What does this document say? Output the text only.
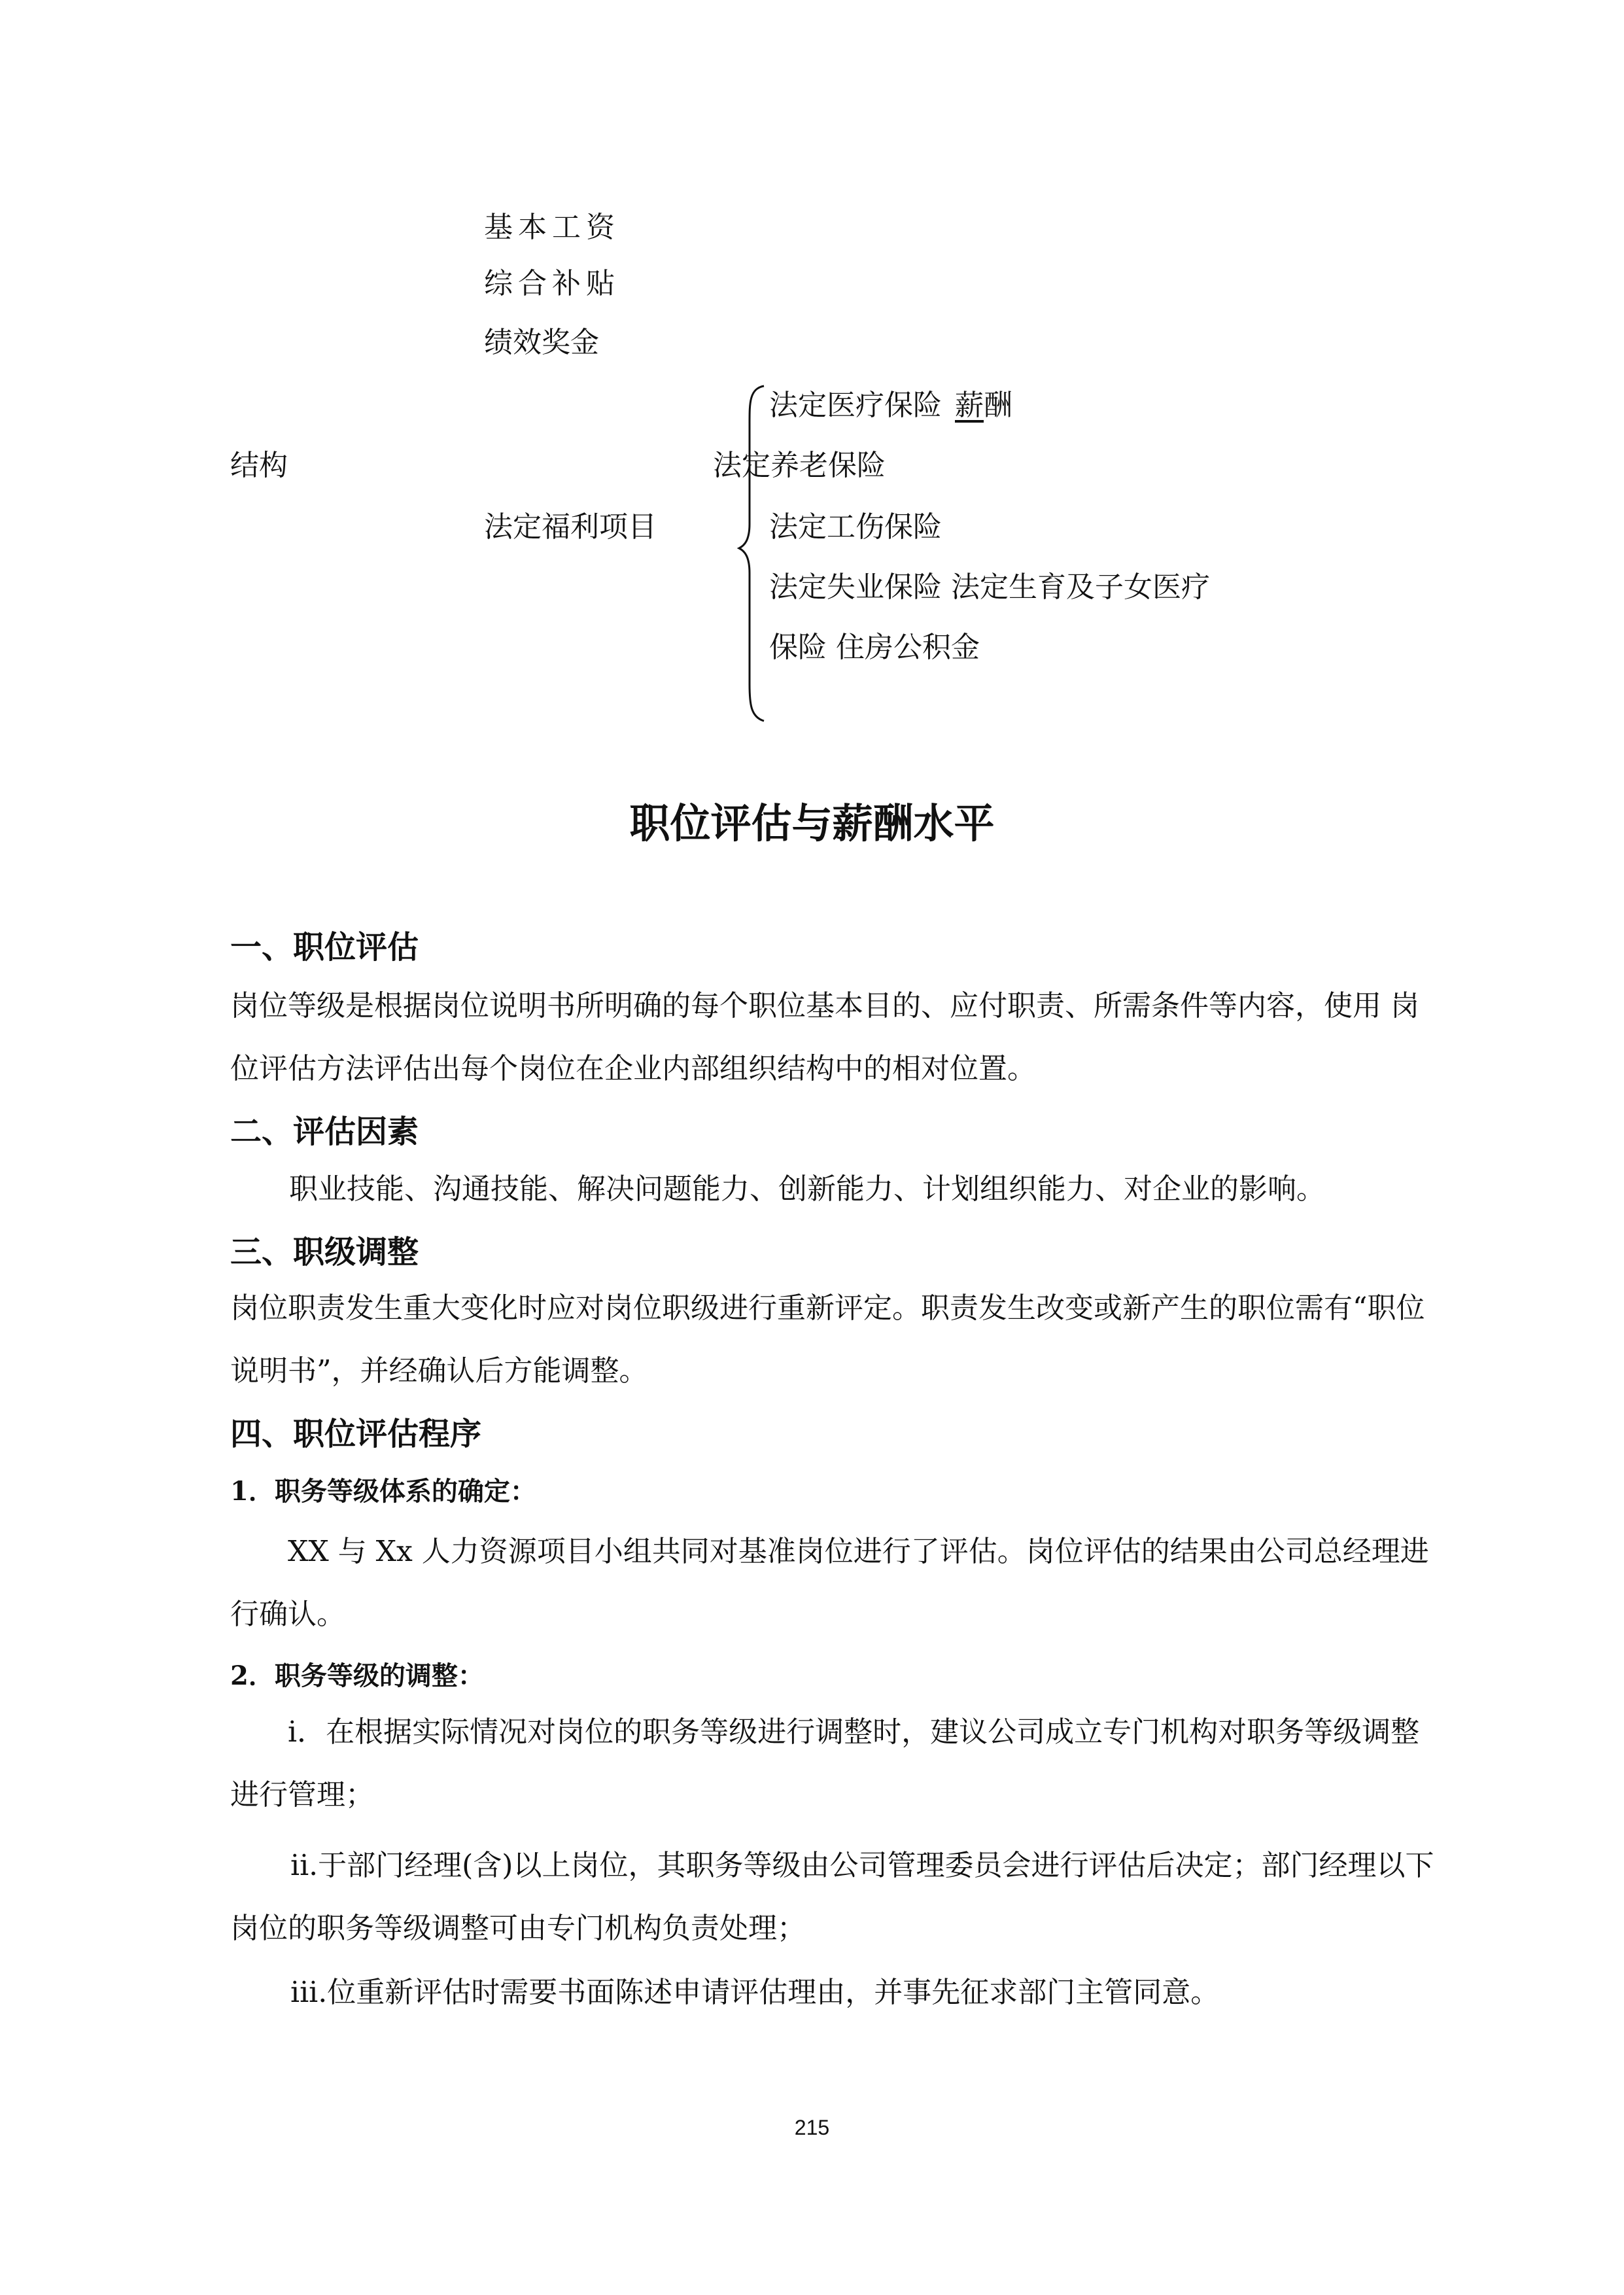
基本工资
综合补贴
绩效奖金
结构
法定福利项目
法定医疗保险 薪 酬
法定养老保险
法定工伤保险
法定失业保险 法定生育及子女医疗
保险 住房公积金
职位评估与薪酬水平
一、职位评估
岗位等级是根据岗位说明书所明确的每个职位基本目的、应付职责、所需条件等内容，使用 岗位评估方法评估出每个岗位在企业内部组织结构中的相对位置。
二、评估因素
职业技能、沟通技能、解决问题能力、创新能力、计划组织能力、对企业的影响。
三、职级调整
岗位职责发生重大变化时应对岗位职级进行重新评定。职责发生改变或新产生的职位需有“职位说明书”，并经确认后方能调整。
四、职位评估程序
1．职务等级体系的确定：
XX 与 Xx 人力资源项目小组共同对基准岗位进行了评估。岗位评估的结果由公司总经理进行确认。
2．职务等级的调整：
i．在根据实际情况对岗位的职务等级进行调整时，建议公司成立专门机构对职务等级调整进行管理；
ii.于部门经理(含)以上岗位，其职务等级由公司管理委员会进行评估后决定；部门经理以下岗位的职务等级调整可由专门机构负责处理；
iii.位重新评估时需要书面陈述申请评估理由，并事先征求部门主管同意。
215
